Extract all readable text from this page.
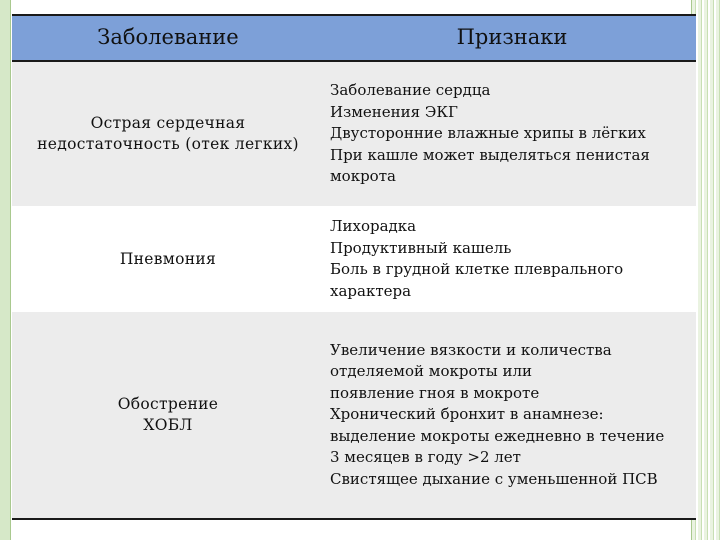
Заболевание	Признаки
Острая сердечная
недостаточность (отек легких)
Заболевание сердца
Изменения ЭКГ
Двусторонние влажные хрипы в лёгких
При кашле может выделяться пенистая
мокрота
Пневмония
Лихорадка
Продуктивный кашель
Боль в грудной клетке плеврального
характера
Обострение
ХОБЛ
Увеличение вязкости и количества
отделяемой мокроты или
появление гноя в мокроте
Хронический бронхит в анамнезе:
выделение мокроты ежедневно в течение
3 месяцев в году >2 лет
Свистящее дыхание с уменьшенной ПСВ
